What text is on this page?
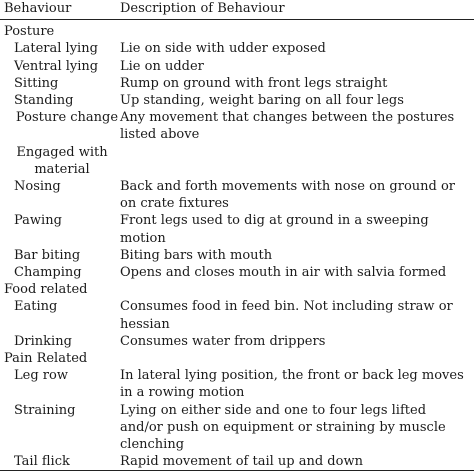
Behaviour	Description of Behaviour
Posture	
Lateral lying	Lie on side with udder exposed
Ventral lying	Lie on udder
Sitting	Rump on ground with front legs straight
Standing	Up standing, weight baring on all four legs

Posture change	Any movement that changes between the postures listed above

Engaged with material	

Nosing	Back and forth movements with nose on ground or on crate fixtures
Pawing	Front legs used to dig at ground in a sweeping motion
Bar biting	Biting bars with mouth
Champing	Opens and closes mouth in air with salvia formed
Food related	
Eating	Consumes food in feed bin. Not including straw or hessian
Drinking	Consumes water from drippers
Pain Related	
Leg row	In lateral lying position, the front or back leg moves in a rowing motion
Straining	Lying on either side and one to four legs lifted and/or push on equipment or straining by muscle clenching
Tail flick	Rapid movement of tail up and down
